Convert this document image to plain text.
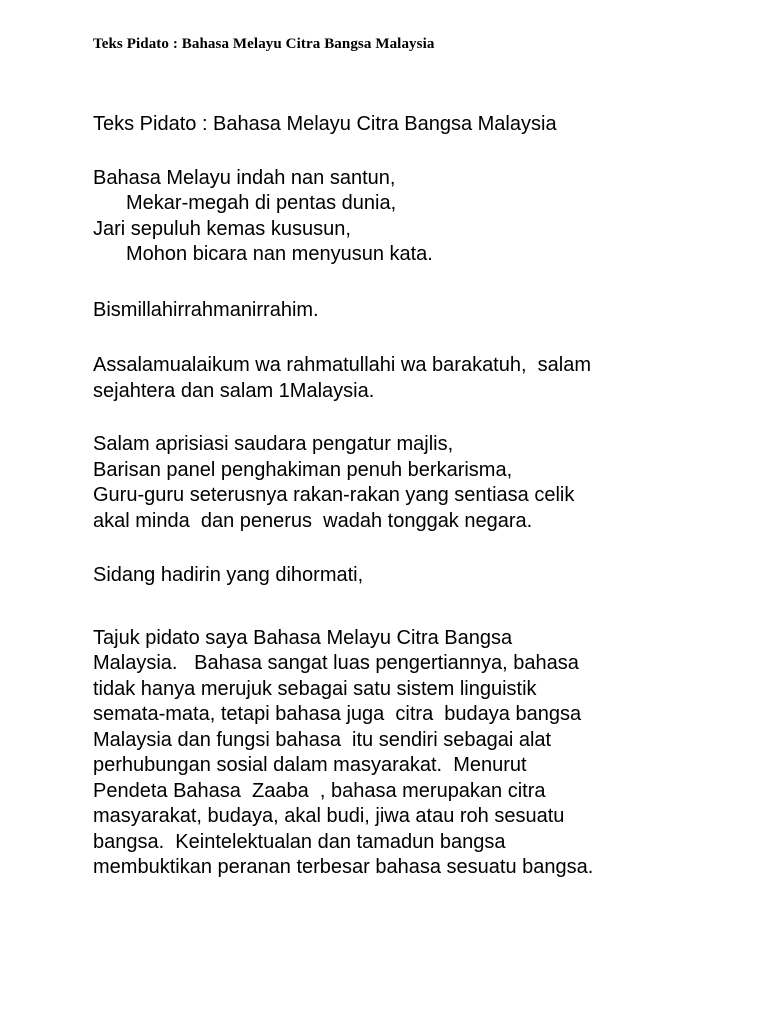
Teks Pidato : Bahasa Melayu Citra Bangsa Malaysia

Teks Pidato : Bahasa Melayu Citra Bangsa Malaysia

Bahasa Melayu indah nan santun,
Mekar-megah di pentas dunia,
Jari sepuluh kemas kususun,
Mohon bicara nan menyusun kata.

Bismillahirrahmanirrahim.

Assalamualaikum wa rahmatullahi wa barakatuh,  salam
sejahtera dan salam 1Malaysia.

Salam aprisiasi saudara pengatur majlis,
Barisan panel penghakiman penuh berkarisma,
Guru-guru seterusnya rakan-rakan yang sentiasa celik
akal minda  dan penerus  wadah tonggak negara.

Sidang hadirin yang dihormati,

Tajuk pidato saya Bahasa Melayu Citra Bangsa
Malaysia.   Bahasa sangat luas pengertiannya, bahasa
tidak hanya merujuk sebagai satu sistem linguistik
semata-mata, tetapi bahasa juga  citra  budaya bangsa
Malaysia dan fungsi bahasa  itu sendiri sebagai alat
perhubungan sosial dalam masyarakat.  Menurut
Pendeta Bahasa  Zaaba  , bahasa merupakan citra
masyarakat, budaya, akal budi, jiwa atau roh sesuatu
bangsa.  Keintelektualan dan tamadun bangsa
membuktikan peranan terbesar bahasa sesuatu bangsa.
